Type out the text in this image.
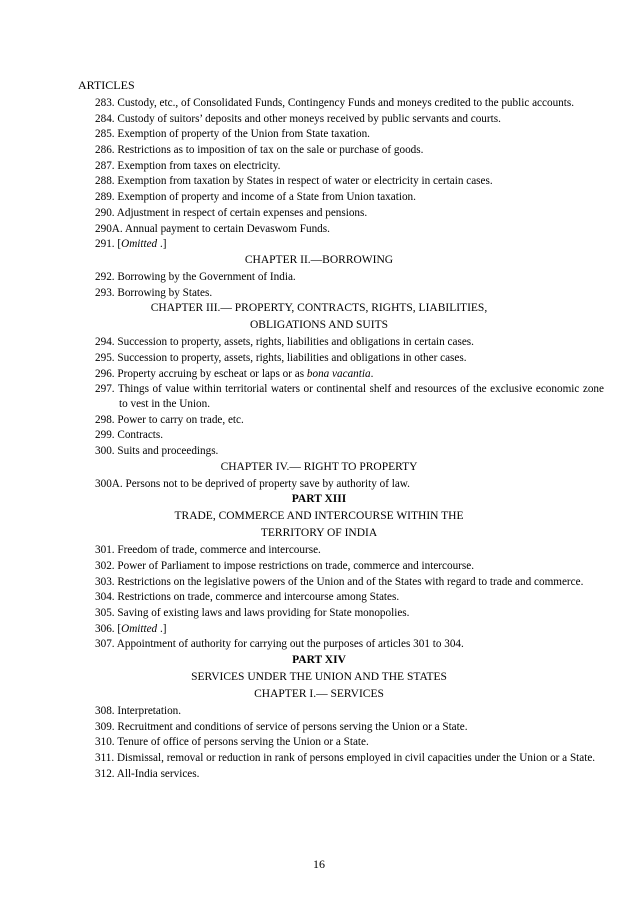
ARTICLES
283. Custody, etc., of Consolidated Funds, Contingency Funds and moneys credited to the public accounts.
284. Custody of suitors’ deposits and other moneys received by public servants and courts.
285. Exemption of property of the Union from State taxation.
286. Restrictions as to imposition of tax on the sale or purchase of goods.
287. Exemption from taxes on electricity.
288. Exemption from taxation by States in respect of water or electricity in certain cases.
289. Exemption of property and income of a State from Union taxation.
290. Adjustment in respect of certain expenses and pensions.
290A. Annual payment to certain Devaswom Funds.
291. [Omitted .]
CHAPTER II.—BORROWING
292. Borrowing by the Government of India.
293. Borrowing by States.
CHAPTER III.— PROPERTY, CONTRACTS, RIGHTS, LIABILITIES,
OBLIGATIONS AND SUITS
294. Succession to property, assets, rights, liabilities and obligations in certain cases.
295. Succession to property, assets, rights, liabilities and obligations in other cases.
296. Property accruing by escheat or laps or as bona vacantia.
297. Things of value within territorial waters or continental shelf and resources of the exclusive economic zone to vest in the Union.
298. Power to carry on trade, etc.
299. Contracts.
300. Suits and proceedings.
CHAPTER IV.— RIGHT TO PROPERTY
300A. Persons not to be deprived of property save by authority of law.
PART XIII
TRADE, COMMERCE AND INTERCOURSE WITHIN THE
TERRITORY OF INDIA
301. Freedom of trade, commerce and intercourse.
302. Power of Parliament to impose restrictions on trade, commerce and intercourse.
303. Restrictions on the legislative powers of the Union and of the States with regard to trade and commerce.
304. Restrictions on trade, commerce and intercourse among States.
305. Saving of existing laws and laws providing for State monopolies.
306. [Omitted .]
307. Appointment of authority for carrying out the purposes of articles 301 to 304.
PART XIV
SERVICES UNDER THE UNION AND THE STATES
CHAPTER I.— SERVICES
308. Interpretation.
309. Recruitment and conditions of service of persons serving the Union or a State.
310. Tenure of office of persons serving the Union or a State.
311. Dismissal, removal or reduction in rank of persons employed in civil capacities under the Union or a State.
312. All-India services.
16
